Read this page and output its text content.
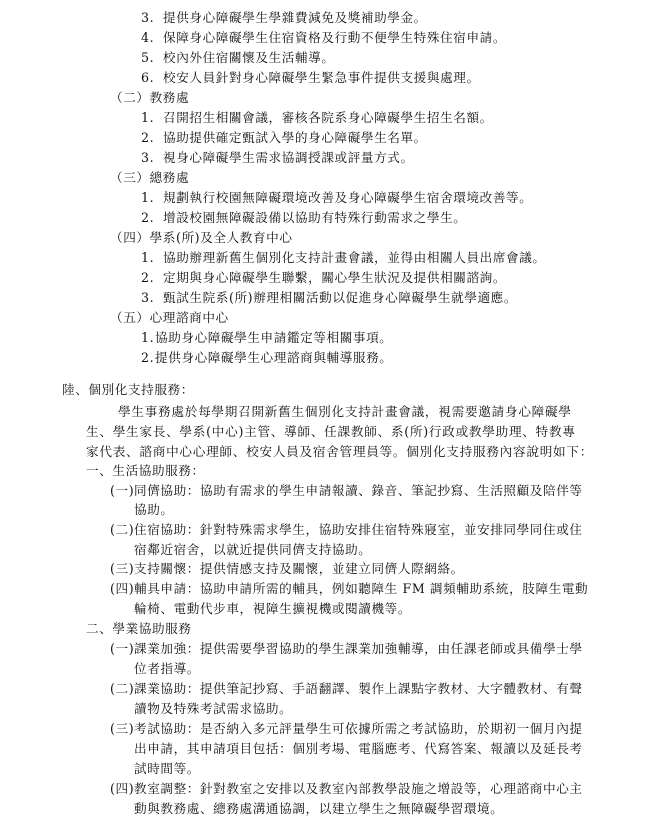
3. 提供身心障礙學生學雜費減免及獎補助學金。
4. 保障身心障礙學生住宿資格及行動不便學生特殊住宿申請。
5. 校內外住宿關懷及生活輔導。
6. 校安人員針對身心障礙學生緊急事件提供支援與處理。
（二）教務處
1. 召開招生相關會議，審核各院系身心障礙學生招生名額。
2. 協助提供確定甄試入學的身心障礙學生名單。
3. 視身心障礙學生需求協調授課或評量方式。
（三）總務處
1. 規劃執行校園無障礙環境改善及身心障礙學生宿舍環境改善等。
2. 增設校園無障礙設備以協助有特殊行動需求之學生。
（四）學系(所)及全人教育中心
1. 協助辦理新舊生個別化支持計畫會議，並得由相關人員出席會議。
2. 定期與身心障礙學生聯繫，關心學生狀況及提供相關諮詢。
3. 甄試生院系(所)辦理相關活動以促進身心障礙學生就學適應。
（五）心理諮商中心
1.協助身心障礙學生申請鑑定等相關事項。
2.提供身心障礙學生心理諮商與輔導服務。
陸、個別化支持服務：
學生事務處於每學期召開新舊生個別化支持計畫會議，視需要邀請身心障礙學
生、學生家長、學系(中心)主管、導師、任課教師、系(所)行政或教學助理、特教專
家代表、諮商中心心理師、校安人員及宿舍管理員等。個別化支持服務內容說明如下：
一、生活協助服務：
(一)同儕協助：協助有需求的學生申請報讀、錄音、筆記抄寫、生活照顧及陪伴等
協助。
(二)住宿協助：針對特殊需求學生，協助安排住宿特殊寢室，並安排同學同住或住
宿鄰近宿舍，以就近提供同儕支持協助。
(三)支持關懷：提供情感支持及關懷，並建立同儕人際網絡。
(四)輔具申請：協助申請所需的輔具，例如聽障生 FM 調頻輔助系統，肢障生電動
輪椅、電動代步車，視障生擴視機或閱讀機等。
二、學業協助服務
(一)課業加強：提供需要學習協助的學生課業加強輔導，由任課老師或具備學士學
位者指導。
(二)課業協助：提供筆記抄寫、手語翻譯、製作上課點字教材、大字體教材、有聲
讀物及特殊考試需求協助。
(三)考試協助：是否納入多元評量學生可依據所需之考試協助，於期初一個月內提
出申請，其申請項目包括：個別考場、電腦應考、代寫答案、報讀以及延長考
試時間等。
(四)教室調整：針對教室之安排以及教室內部教學設施之增設等，心理諮商中心主
動與教務處、總務處溝通協調，以建立學生之無障礙學習環境。
